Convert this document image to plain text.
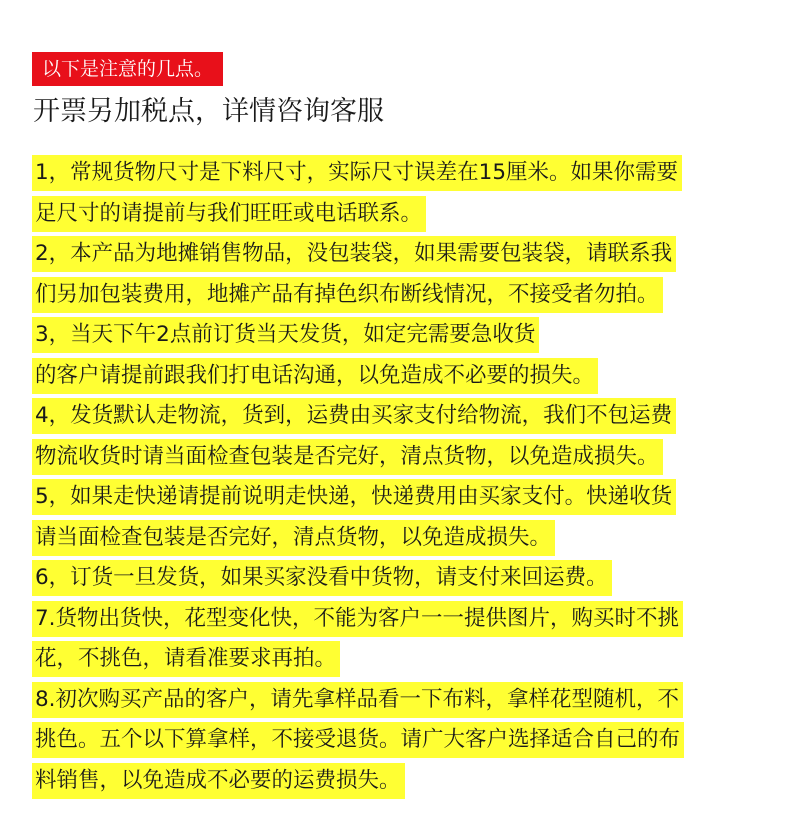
以下是注意的几点。
开票另加税点，详情咨询客服
1，常规货物尺寸是下料尺寸，实际尺寸误差在15厘米。如果你需要
足尺寸的请提前与我们旺旺或电话联系。
2，本产品为地摊销售物品，没包装袋，如果需要包装袋，请联系我
们另加包装费用，地摊产品有掉色织布断线情况，不接受者勿拍。
3，当天下午2点前订货当天发货，如定完需要急收货
的客户请提前跟我们打电话沟通，以免造成不必要的损失。
4，发货默认走物流，货到，运费由买家支付给物流，我们不包运费
物流收货时请当面检查包装是否完好，清点货物，以免造成损失。
5，如果走快递请提前说明走快递，快递费用由买家支付。快递收货
请当面检查包装是否完好，清点货物，以免造成损失。
6，订货一旦发货，如果买家没看中货物，请支付来回运费。
7.货物出货快，花型变化快，不能为客户一一提供图片，购买时不挑
花，不挑色，请看准要求再拍。
8.初次购买产品的客户，请先拿样品看一下布料，拿样花型随机，不
挑色。五个以下算拿样，不接受退货。请广大客户选择适合自己的布
料销售，以免造成不必要的运费损失。
